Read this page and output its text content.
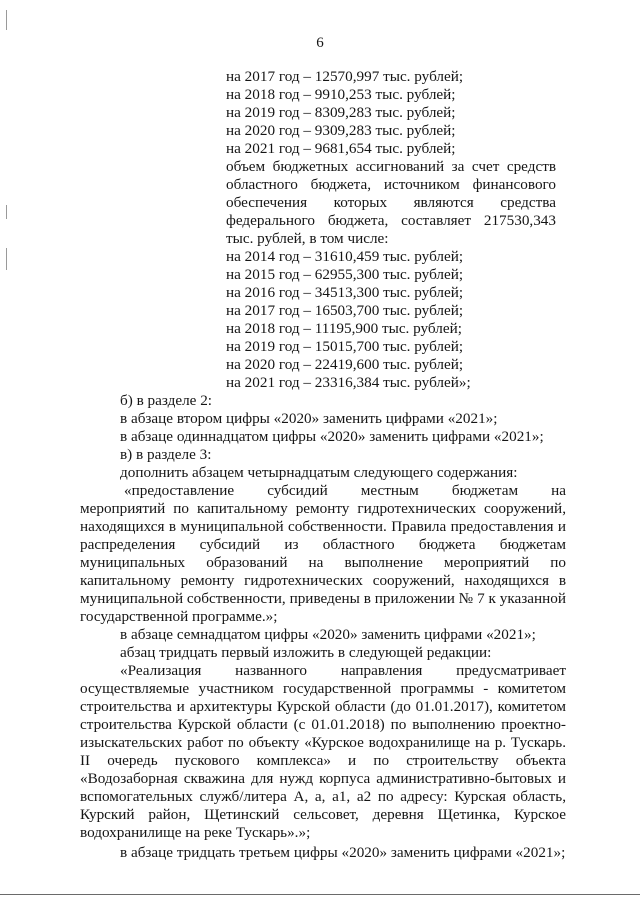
6
на 2017 год – 12570,997 тыс. рублей;
на 2018 год – 9910,253 тыс. рублей;
на 2019 год – 8309,283 тыс. рублей;
на 2020 год – 9309,283 тыс. рублей;
на 2021 год – 9681,654 тыс. рублей;
объем бюджетных ассигнований за счет средств
областного бюджета, источником финансового
обеспечения которых являются средства
федерального бюджета, составляет 217530,343
тыс. рублей, в том числе:
на 2014 год – 31610,459 тыс. рублей;
на 2015 год – 62955,300 тыс. рублей;
на 2016 год – 34513,300 тыс. рублей;
на 2017 год – 16503,700 тыс. рублей;
на 2018 год – 11195,900 тыс. рублей;
на 2019 год – 15015,700 тыс. рублей;
на 2020 год – 22419,600 тыс. рублей;
на 2021 год – 23316,384 тыс. рублей»;
б) в разделе 2:
в абзаце втором цифры «2020» заменить цифрами «2021»;
в абзаце одиннадцатом цифры «2020» заменить цифрами «2021»;
в) в разделе 3:
дополнить абзацем четырнадцатым следующего содержания:
«предоставление субсидий местным бюджетам на
мероприятий по капитальному ремонту гидротехнических сооружений,
находящихся в муниципальной собственности. Правила предоставления и
распределения субсидий из областного бюджета бюджетам
муниципальных образований на выполнение мероприятий по
капитальному ремонту гидротехнических сооружений, находящихся в
муниципальной собственности, приведены в приложении № 7 к указанной
государственной программе.»;
в абзаце семнадцатом цифры «2020» заменить цифрами «2021»;
абзац тридцать первый изложить в следующей редакции:
«Реализация названного направления предусматривает
осуществляемые участником государственной программы - комитетом
строительства и архитектуры Курской области (до 01.01.2017), комитетом
строительства Курской области (с 01.01.2018) по выполнению проектно-
изыскательских работ по объекту «Курское водохранилище на р. Тускарь.
II очередь пускового комплекса» и по строительству объекта
«Водозаборная скважина для нужд корпуса административно-бытовых и
вспомогательных служб/литера А, а, а1, а2 по адресу: Курская область,
Курский район, Щетинский сельсовет, деревня Щетинка, Курское
водохранилище на реке Тускарь».»;
в абзаце тридцать третьем цифры «2020» заменить цифрами «2021»;
